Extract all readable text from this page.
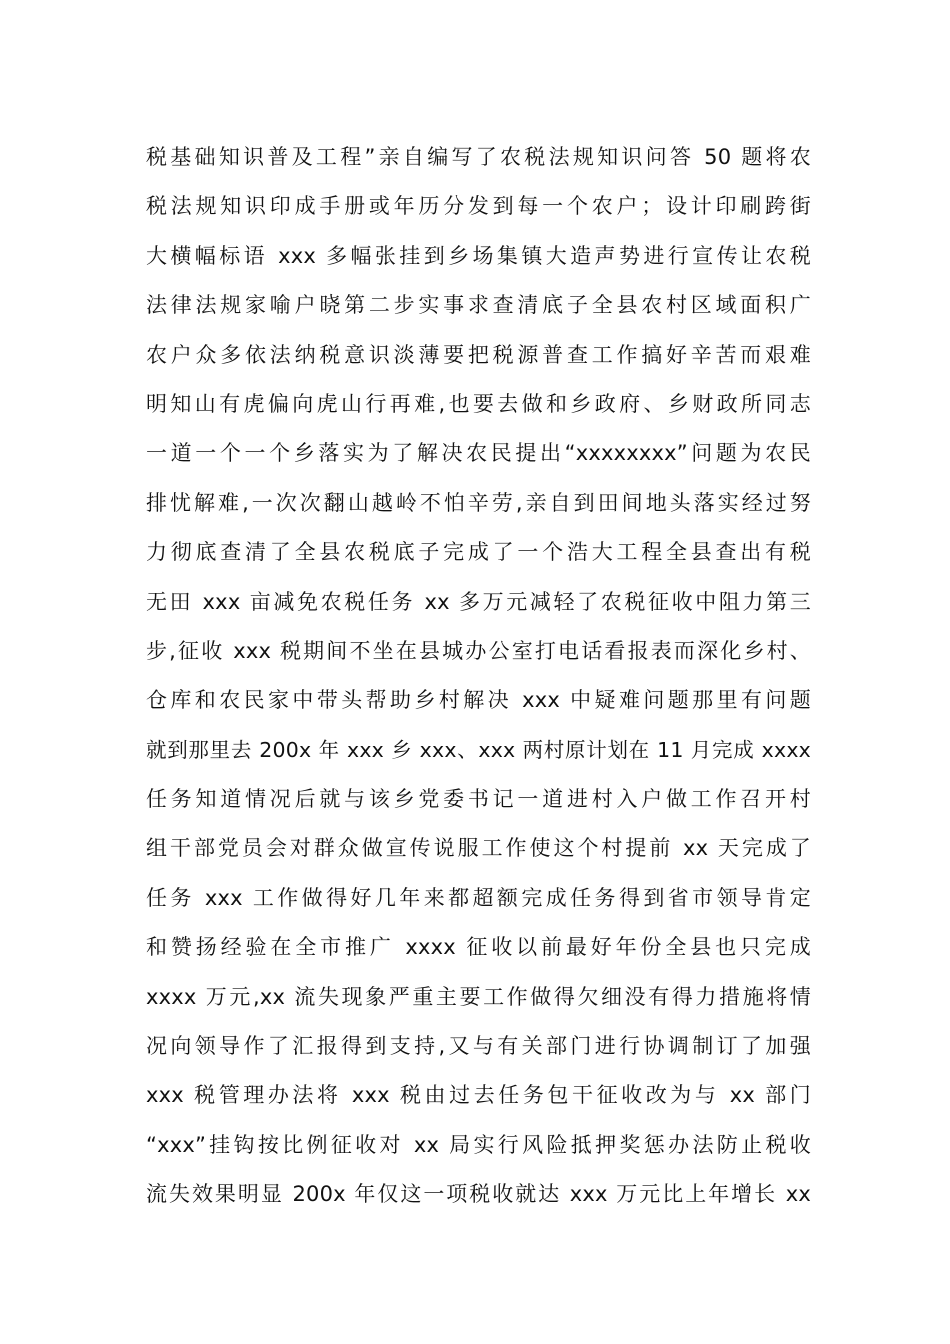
税基础知识普及工程”亲自编写了农税法规知识问答 50 题将农
税法规知识印成手册或年历分发到每一个农户；设计印刷跨街
大横幅标语 xxx 多幅张挂到乡场集镇大造声势进行宣传让农税
法律法规家喻户晓第二步实事求查清底子全县农村区域面积广
农户众多依法纳税意识淡薄要把税源普查工作搞好辛苦而艰难
明知山有虎偏向虎山行再难,也要去做和乡政府、乡财政所同志
一道一个一个乡落实为了解决农民提出“xxxxxxxx”问题为农民
排忧解难,一次次翻山越岭不怕辛劳,亲自到田间地头落实经过努
力彻底查清了全县农税底子完成了一个浩大工程全县查出有税
无田 xxx 亩减免农税任务 xx 多万元减轻了农税征收中阻力第三
步,征收 xxx 税期间不坐在县城办公室打电话看报表而深化乡村、
仓库和农民家中带头帮助乡村解决 xxx 中疑难问题那里有问题
就到那里去 200x 年 xxx 乡 xxx、xxx 两村原计划在 11 月完成 xxxx
任务知道情况后就与该乡党委书记一道进村入户做工作召开村
组干部党员会对群众做宣传说服工作使这个村提前 xx 天完成了
任务 xxx 工作做得好几年来都超额完成任务得到省市领导肯定
和赞扬经验在全市推广 xxxx 征收以前最好年份全县也只完成
xxxx 万元,xx 流失现象严重主要工作做得欠细没有得力措施将情
况向领导作了汇报得到支持,又与有关部门进行协调制订了加强
xxx 税管理办法将 xxx 税由过去任务包干征收改为与 xx 部门
“xxx”挂钩按比例征收对 xx 局实行风险抵押奖惩办法防止税收
流失效果明显 200x 年仅这一项税收就达 xxx 万元比上年增长 xx
